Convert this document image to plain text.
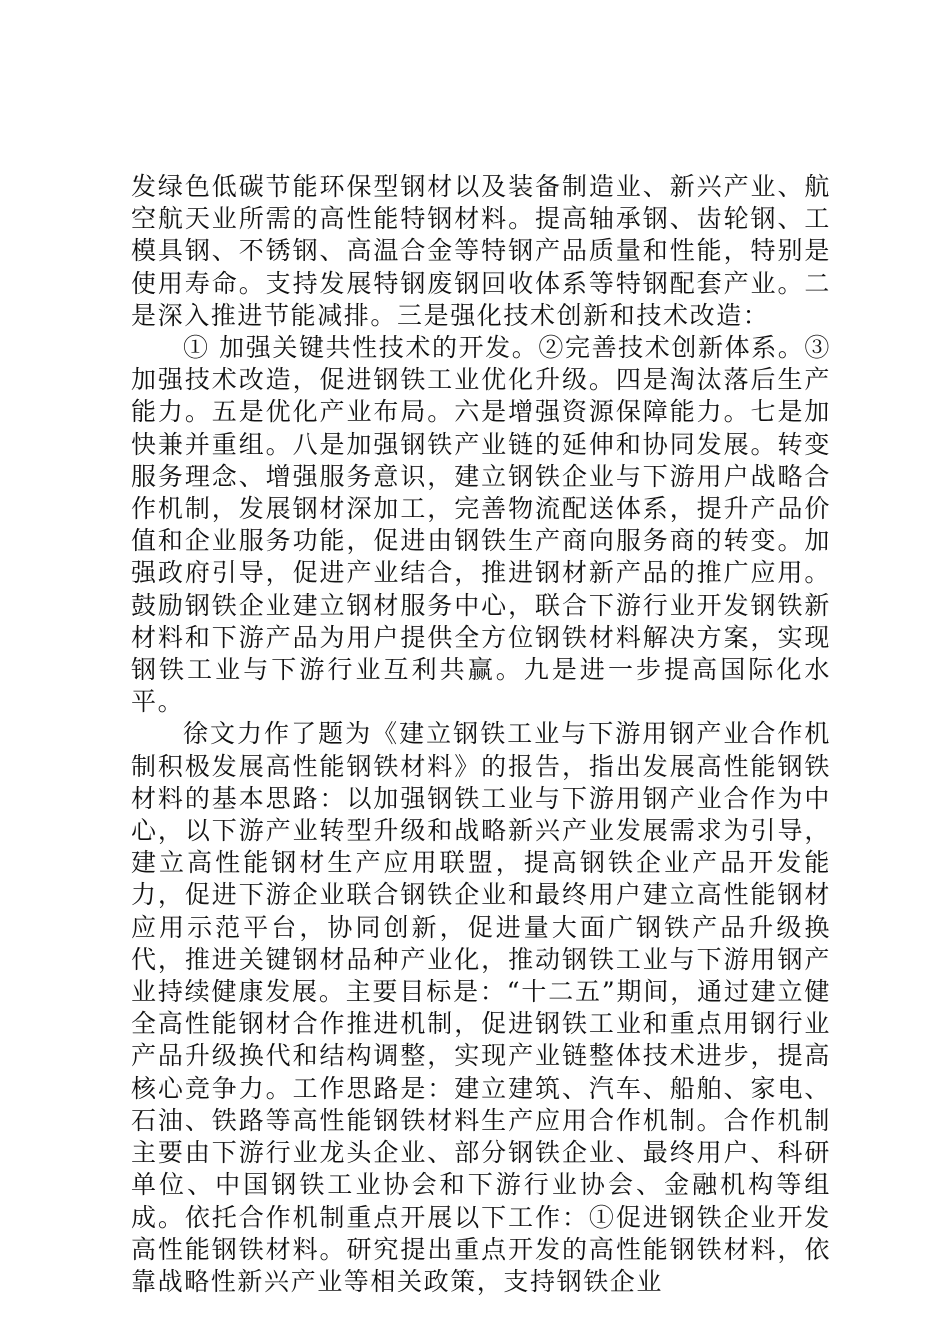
发绿色低碳节能环保型钢材以及装备制造业、新兴产业、航空航天业所需的高性能特钢材料。提高轴承钢、齿轮钢、工模具钢、不锈钢、高温合金等特钢产品质量和性能，特别是使用寿命。支持发展特钢废钢回收体系等特钢配套产业。二是深入推进节能减排。三是强化技术创新和技术改造：

① 加强关键共性技术的开发。②完善技术创新体系。③加强技术改造，促进钢铁工业优化升级。四是淘汰落后生产能力。五是优化产业布局。六是增强资源保障能力。七是加快兼并重组。八是加强钢铁产业链的延伸和协同发展。转变服务理念、增强服务意识，建立钢铁企业与下游用户战略合作机制，发展钢材深加工，完善物流配送体系，提升产品价值和企业服务功能，促进由钢铁生产商向服务商的转变。加强政府引导，促进产业结合，推进钢材新产品的推广应用。鼓励钢铁企业建立钢材服务中心，联合下游行业开发钢铁新材料和下游产品为用户提供全方位钢铁材料解决方案，实现钢铁工业与下游行业互利共赢。九是进一步提高国际化水平。

徐文力作了题为《建立钢铁工业与下游用钢产业合作机制积极发展高性能钢铁材料》的报告，指出发展高性能钢铁材料的基本思路：以加强钢铁工业与下游用钢产业合作为中心，以下游产业转型升级和战略新兴产业发展需求为引导，建立高性能钢材生产应用联盟，提高钢铁企业产品开发能力，促进下游企业联合钢铁企业和最终用户建立高性能钢材应用示范平台，协同创新，促进量大面广钢铁产品升级换代，推进关键钢材品种产业化，推动钢铁工业与下游用钢产业持续健康发展。主要目标是：“十二五”期间，通过建立健全高性能钢材合作推进机制，促进钢铁工业和重点用钢行业产品升级换代和结构调整，实现产业链整体技术进步，提高核心竞争力。工作思路是：建立建筑、汽车、船舶、家电、石油、铁路等高性能钢铁材料生产应用合作机制。合作机制主要由下游行业龙头企业、部分钢铁企业、最终用户、科研单位、中国钢铁工业协会和下游行业协会、金融机构等组成。依托合作机制重点开展以下工作：①促进钢铁企业开发高性能钢铁材料。研究提出重点开发的高性能钢铁材料，依靠战略性新兴产业等相关政策，支持钢铁企业
